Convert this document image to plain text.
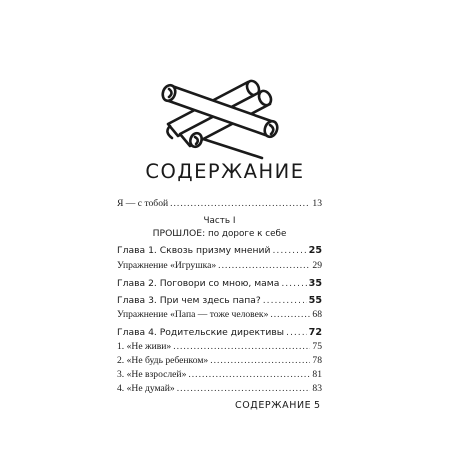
СОДЕРЖАНИЕ
Я — с тобой .....	13
Часть I
ПРОШЛОЕ: по дороге к себе
Глава 1. Сквозь призму мнений .....	25
Упражнение «Игрушка» .....	29
Глава 2. Поговори со мною, мама .....	35
Глава 3. При чем здесь папа? .....	55
Упражнение «Папа — тоже человек» .....	68
Глава 4. Родительские директивы .....	72
1. «Не живи» .....	75
2. «Не будь ребенком» .....	78
3. «Не взрослей» .....	81
4. «Не думай» .....	83
СОДЕРЖАНИЕ 5
